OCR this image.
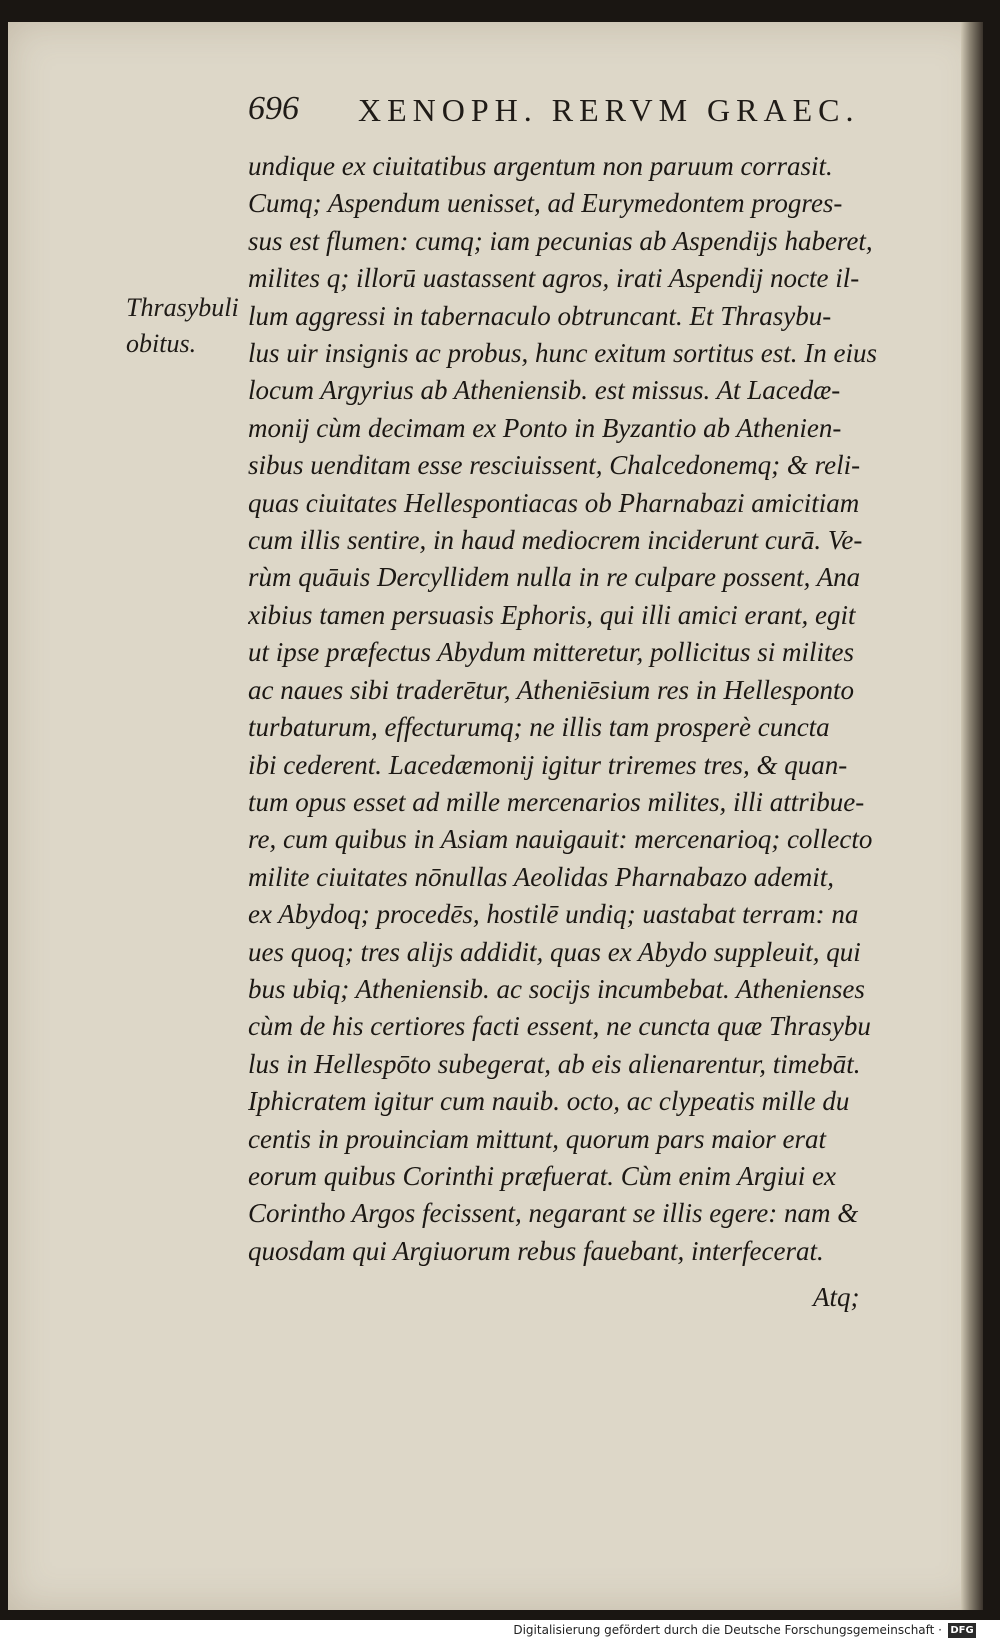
696 XENOPH. RERVM GRAEC.
Thrasybuli
obitus.
undique ex ciuitatibus argentum non paruum corrasit.
Cumq; Aspendum uenisset, ad Eurymedontem progres-
sus est flumen: cumq; iam pecunias ab Aspendijs haberet,
milites q; illorū uastassent agros, irati Aspendij nocte il-
lum aggressi in tabernaculo obtruncant. Et Thrasybu-
lus uir insignis ac probus, hunc exitum sortitus est. In eius
locum Argyrius ab Atheniensib. est missus. At Lacedæ-
monij cùm decimam ex Ponto in Byzantio ab Athenien-
sibus uenditam esse resciuissent, Chalcedonemq; & reli-
quas ciuitates Hellespontiacas ob Pharnabazi amicitiam
cum illis sentire, in haud mediocrem inciderunt curā. Ve-
rùm quāuis Dercyllidem nulla in re culpare possent, Ana
xibius tamen persuasis Ephoris, qui illi amici erant, egit
ut ipse præfectus Abydum mitteretur, pollicitus si milites
ac naues sibi traderētur, Atheniēsium res in Hellesponto
turbaturum, effecturumq; ne illis tam prosperè cuncta
ibi cederent. Lacedæmonij igitur triremes tres, & quan-
tum opus esset ad mille mercenarios milites, illi attribue-
re, cum quibus in Asiam nauigauit: mercenarioq; collecto
milite ciuitates nōnullas Aeolidas Pharnabazo ademit,
ex Abydoq; procedēs, hostilē undiq; uastabat terram: na
ues quoq; tres alijs addidit, quas ex Abydo suppleuit, qui
bus ubiq; Atheniensib. ac socijs incumbebat. Athenienses
cùm de his certiores facti essent, ne cuncta quæ Thrasybu
lus in Hellespōto subegerat, ab eis alienarentur, timebāt.
Iphicratem igitur cum nauib. octo, ac clypeatis mille du
centis in prouinciam mittunt, quorum pars maior erat
eorum quibus Corinthi præfuerat. Cùm enim Argiui ex
Corintho Argos fecissent, negarant se illis egere: nam &
quosdam qui Argiuorum rebus fauebant, interfecerat.
Atq;
Digitalisierung gefördert durch die Deutsche Forschungsgemeinschaft · DFG
